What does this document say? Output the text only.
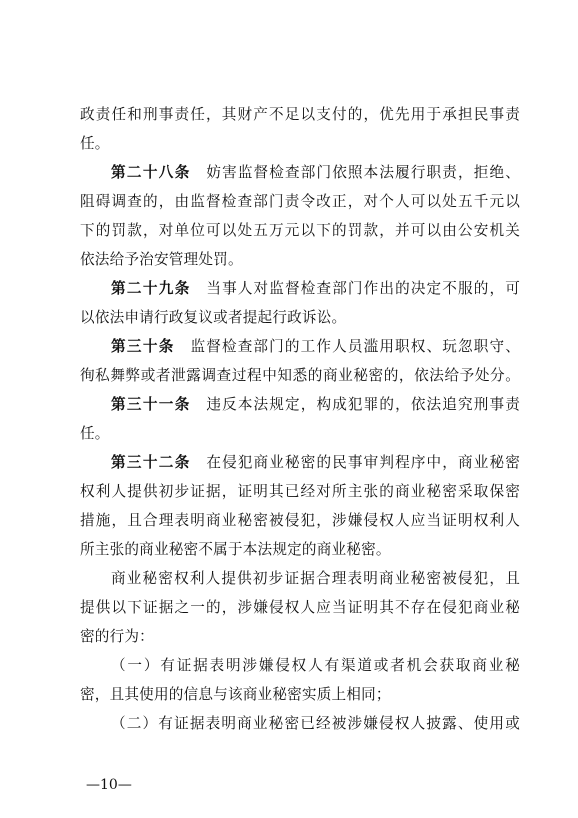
政责任和刑事责任，其财产不足以支付的，优先用于承担民事责
任。
第二十八条　妨害监督检查部门依照本法履行职责，拒绝、
阻碍调查的，由监督检查部门责令改正，对个人可以处五千元以
下的罚款，对单位可以处五万元以下的罚款，并可以由公安机关
依法给予治安管理处罚。
第二十九条　当事人对监督检查部门作出的决定不服的，可
以依法申请行政复议或者提起行政诉讼。
第三十条　监督检查部门的工作人员滥用职权、玩忽职守、
徇私舞弊或者泄露调查过程中知悉的商业秘密的，依法给予处分。
第三十一条　违反本法规定，构成犯罪的，依法追究刑事责
任。
第三十二条　在侵犯商业秘密的民事审判程序中，商业秘密
权利人提供初步证据，证明其已经对所主张的商业秘密采取保密
措施，且合理表明商业秘密被侵犯，涉嫌侵权人应当证明权利人
所主张的商业秘密不属于本法规定的商业秘密。
商业秘密权利人提供初步证据合理表明商业秘密被侵犯，且
提供以下证据之一的，涉嫌侵权人应当证明其不存在侵犯商业秘
密的行为：
（一）有证据表明涉嫌侵权人有渠道或者机会获取商业秘
密，且其使用的信息与该商业秘密实质上相同；
（二）有证据表明商业秘密已经被涉嫌侵权人披露、使用或
—10—
